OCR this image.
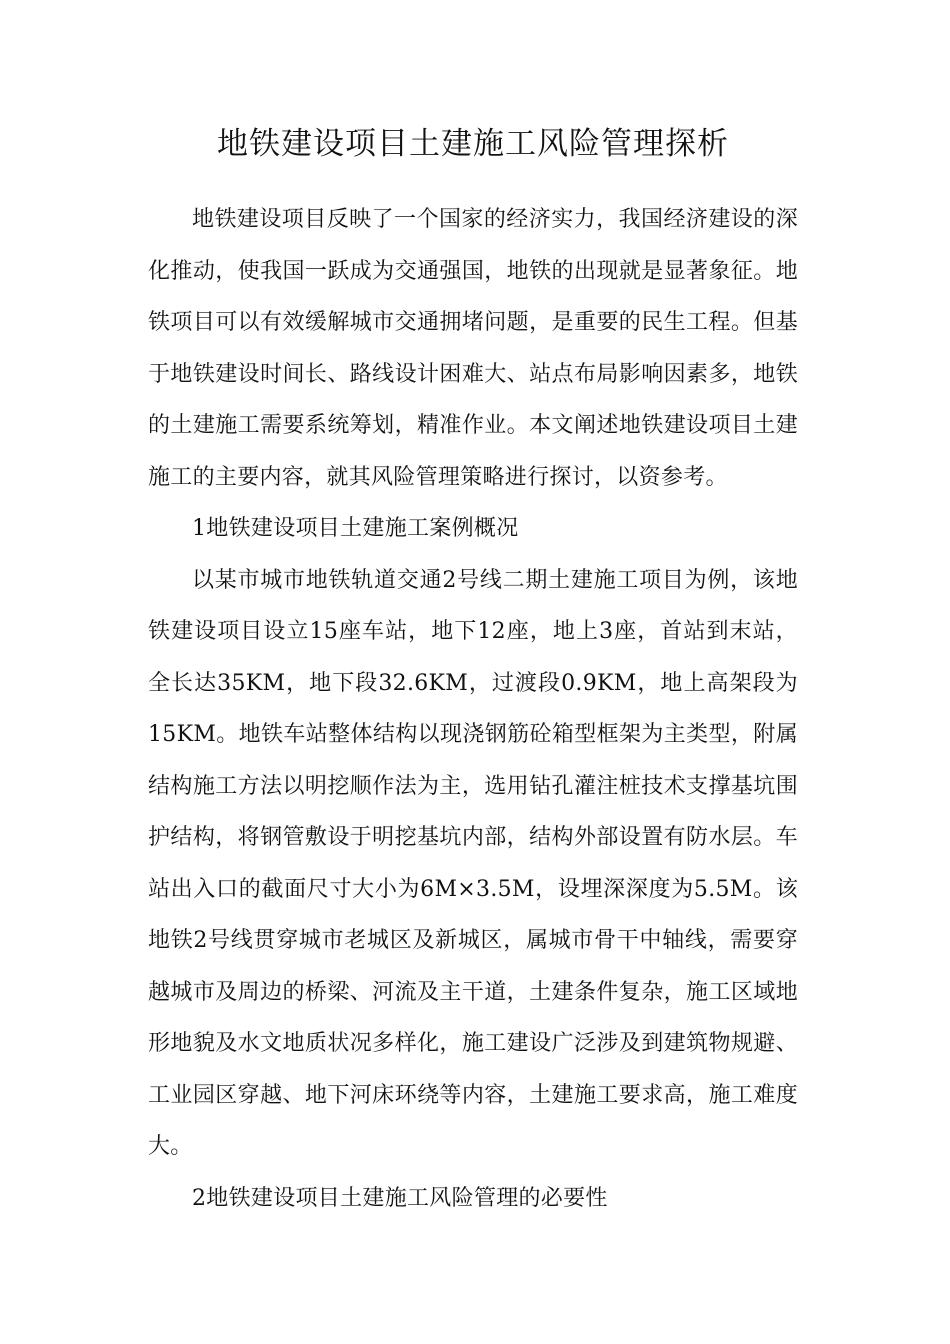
地铁建设项目土建施工风险管理探析

地铁建设项目反映了一个国家的经济实力，我国经济建设的深化推动，使我国一跃成为交通强国，地铁的出现就是显著象征。地铁项目可以有效缓解城市交通拥堵问题，是重要的民生工程。但基于地铁建设时间长、路线设计困难大、站点布局影响因素多，地铁的土建施工需要系统筹划，精准作业。本文阐述地铁建设项目土建施工的主要内容，就其风险管理策略进行探讨，以资参考。

1地铁建设项目土建施工案例概况

以某市城市地铁轨道交通2号线二期土建施工项目为例，该地铁建设项目设立15座车站，地下12座，地上3座，首站到末站，全长达35KM，地下段32.6KM，过渡段0.9KM，地上高架段为15KM。地铁车站整体结构以现浇钢筋砼箱型框架为主类型，附属结构施工方法以明挖顺作法为主，选用钻孔灌注桩技术支撑基坑围护结构，将钢管敷设于明挖基坑内部，结构外部设置有防水层。车站出入口的截面尺寸大小为6M×3.5M，设埋深深度为5.5M。该地铁2号线贯穿城市老城区及新城区，属城市骨干中轴线，需要穿越城市及周边的桥梁、河流及主干道，土建条件复杂，施工区域地形地貌及水文地质状况多样化，施工建设广泛涉及到建筑物规避、工业园区穿越、地下河床环绕等内容，土建施工要求高，施工难度大。

2地铁建设项目土建施工风险管理的必要性
